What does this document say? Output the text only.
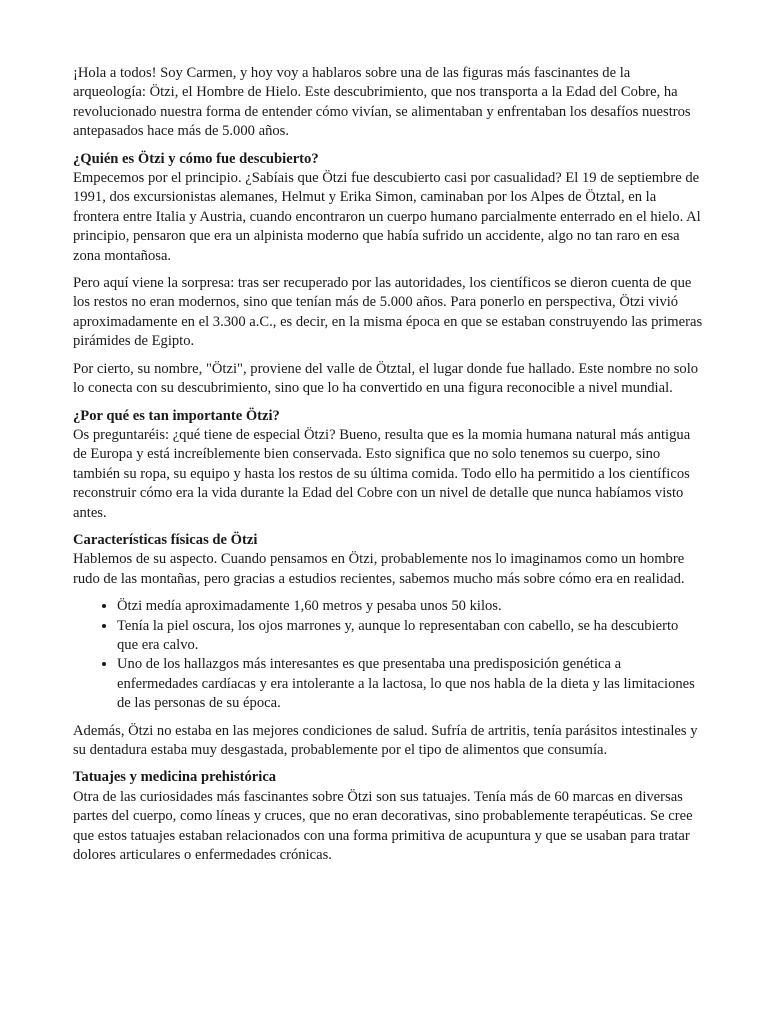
¡Hola a todos! Soy Carmen, y hoy voy a hablaros sobre una de las figuras más fascinantes de la arqueología: Ötzi, el Hombre de Hielo. Este descubrimiento, que nos transporta a la Edad del Cobre, ha revolucionado nuestra forma de entender cómo vivían, se alimentaban y enfrentaban los desafíos nuestros antepasados hace más de 5.000 años.

¿Quién es Ötzi y cómo fue descubierto?
Empecemos por el principio. ¿Sabíais que Ötzi fue descubierto casi por casualidad? El 19 de septiembre de 1991, dos excursionistas alemanes, Helmut y Erika Simon, caminaban por los Alpes de Ötztal, en la frontera entre Italia y Austria, cuando encontraron un cuerpo humano parcialmente enterrado en el hielo. Al principio, pensaron que era un alpinista moderno que había sufrido un accidente, algo no tan raro en esa zona montañosa.

Pero aquí viene la sorpresa: tras ser recuperado por las autoridades, los científicos se dieron cuenta de que los restos no eran modernos, sino que tenían más de 5.000 años. Para ponerlo en perspectiva, Ötzi vivió aproximadamente en el 3.300 a.C., es decir, en la misma época en que se estaban construyendo las primeras pirámides de Egipto.

Por cierto, su nombre, "Ötzi", proviene del valle de Ötztal, el lugar donde fue hallado. Este nombre no solo lo conecta con su descubrimiento, sino que lo ha convertido en una figura reconocible a nivel mundial.

¿Por qué es tan importante Ötzi?
Os preguntaréis: ¿qué tiene de especial Ötzi? Bueno, resulta que es la momia humana natural más antigua de Europa y está increíblemente bien conservada. Esto significa que no solo tenemos su cuerpo, sino también su ropa, su equipo y hasta los restos de su última comida. Todo ello ha permitido a los científicos reconstruir cómo era la vida durante la Edad del Cobre con un nivel de detalle que nunca habíamos visto antes.

Características físicas de Ötzi
Hablemos de su aspecto. Cuando pensamos en Ötzi, probablemente nos lo imaginamos como un hombre rudo de las montañas, pero gracias a estudios recientes, sabemos mucho más sobre cómo era en realidad.

• Ötzi medía aproximadamente 1,60 metros y pesaba unos 50 kilos.
• Tenía la piel oscura, los ojos marrones y, aunque lo representaban con cabello, se ha descubierto que era calvo.
• Uno de los hallazgos más interesantes es que presentaba una predisposición genética a enfermedades cardíacas y era intolerante a la lactosa, lo que nos habla de la dieta y las limitaciones de las personas de su época.

Además, Ötzi no estaba en las mejores condiciones de salud. Sufría de artritis, tenía parásitos intestinales y su dentadura estaba muy desgastada, probablemente por el tipo de alimentos que consumía.

Tatuajes y medicina prehistórica
Otra de las curiosidades más fascinantes sobre Ötzi son sus tatuajes. Tenía más de 60 marcas en diversas partes del cuerpo, como líneas y cruces, que no eran decorativas, sino probablemente terapéuticas. Se cree que estos tatuajes estaban relacionados con una forma primitiva de acupuntura y que se usaban para tratar dolores articulares o enfermedades crónicas.
